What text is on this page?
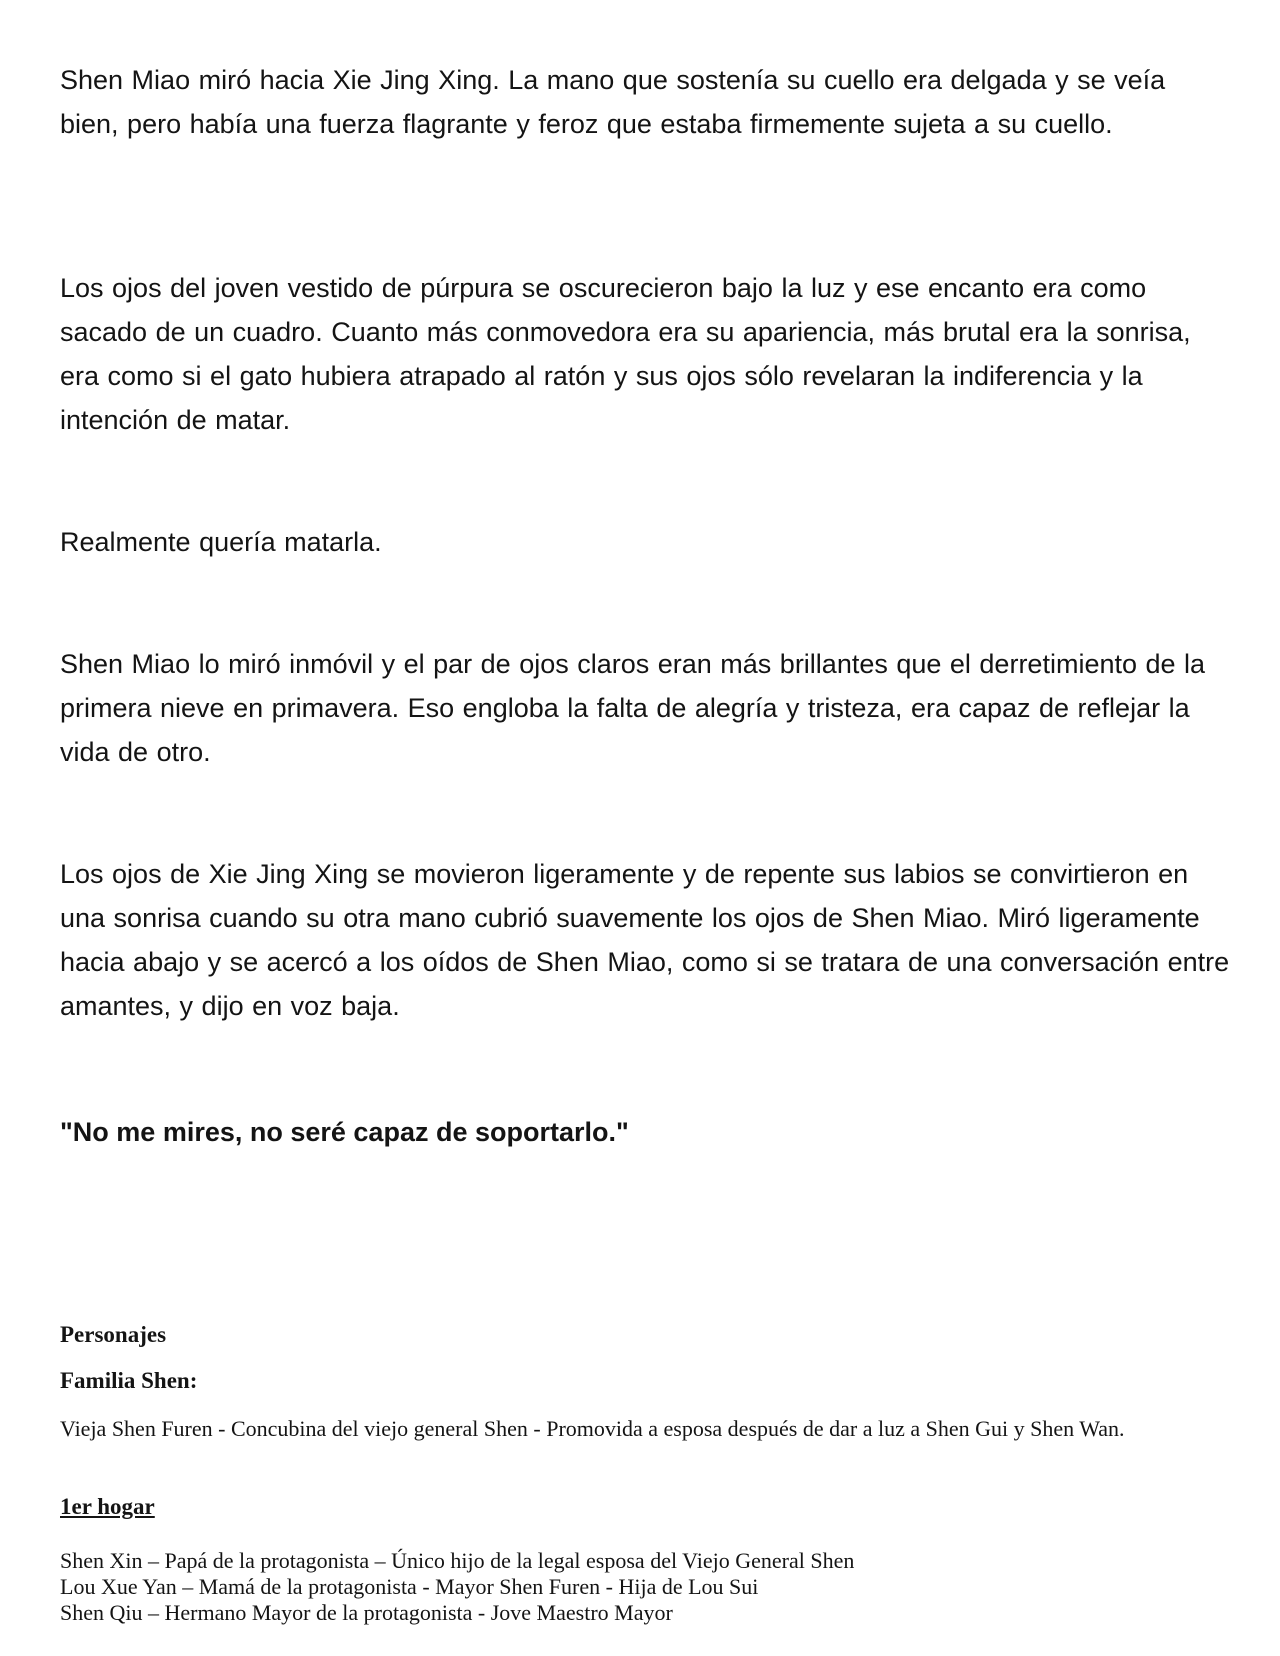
Shen Miao miró hacia Xie Jing Xing. La mano que sostenía su cuello era delgada y se veía bien, pero había una fuerza flagrante y feroz que estaba firmemente sujeta a su cuello.

Los ojos del joven vestido de púrpura se oscurecieron bajo la luz y ese encanto era como sacado de un cuadro. Cuanto más conmovedora era su apariencia, más brutal era la sonrisa, era como si el gato hubiera atrapado al ratón y sus ojos sólo revelaran la indiferencia y la intención de matar.

Realmente quería matarla.

Shen Miao lo miró inmóvil y el par de ojos claros eran más brillantes que el derretimiento de la primera nieve en primavera. Eso engloba la falta de alegría y tristeza, era capaz de reflejar la vida de otro.

Los ojos de Xie Jing Xing se movieron ligeramente y de repente sus labios se convirtieron en una sonrisa cuando su otra mano cubrió suavemente los ojos de Shen Miao. Miró ligeramente hacia abajo y se acercó a los oídos de Shen Miao, como si se tratara de una conversación entre amantes, y dijo en voz baja.

"No me mires, no seré capaz de soportarlo."

Personajes

Familia Shen:

Vieja Shen Furen - Concubina del viejo general Shen - Promovida a esposa después de dar a luz a Shen Gui y Shen Wan.

1er hogar

Shen Xin – Papá de la protagonista – Único hijo de la legal esposa del Viejo General Shen
Lou Xue Yan – Mamá de la protagonista - Mayor Shen Furen - Hija de Lou Sui
Shen Qiu – Hermano Mayor de la protagonista - Jove Maestro Mayor
